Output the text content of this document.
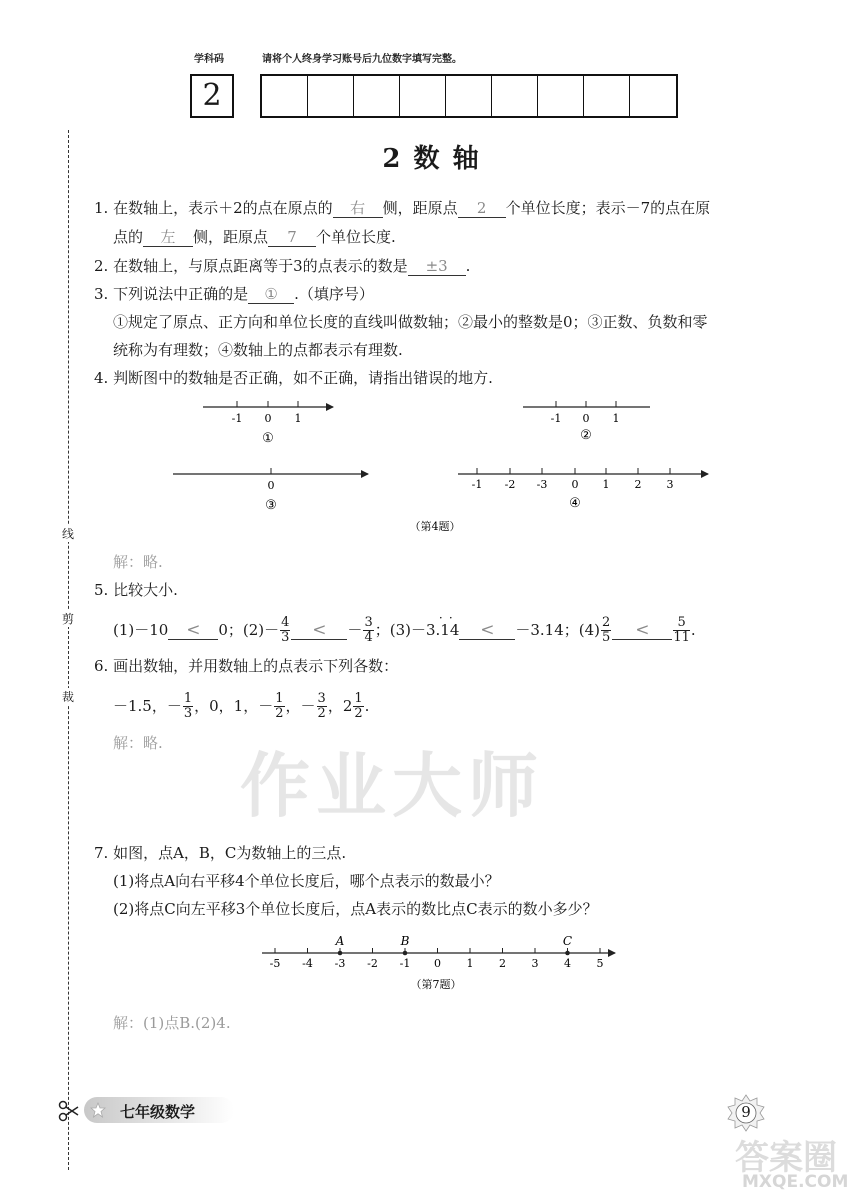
学科码	请将个人终身学习账号后九位数字填写完整。
2
线
剪
裁
2 数 轴
1. 在数轴上，表示＋2的点在原点的 右 侧，距原点 2 个单位长度；表示－7的点在原
点的 左 侧，距原点 7 个单位长度.
2. 在数轴上，与原点距离等于3的点表示的数是 ±3 .
3. 下列说法中正确的是 ① .（填序号）
①规定了原点、正方向和单位长度的直线叫做数轴；②最小的整数是0；③正数、负数和零
统称为有理数；④数轴上的点都表示有理数.
4. 判断图中的数轴是否正确，如不正确，请指出错误的地方.
-1 0 1
①
-1 0 1
②
0
③
-1 -2 -3 0 1 2 3
④
（第4题）
解：略.
5. 比较大小.
(1)－10	<	0；$(2)- \frac{4}{3}$	<	－ $\frac{3}{4}$ ；(3)－3.1
· ·
4	<	－3.14；$(4) \frac{2}{5}$	<	$\frac{5}{11}$ .
6. 画出数轴，并用数轴上的点表示下列各数：
－1.5，－ $\frac{1}{3}$ ，0，1，－ $\frac{1}{2}$ ，－ $\frac{3}{2}$ ，$2 \frac{1}{2}$ .
解：略.
作业大师
7. 如图，点A，B，C为数轴上的三点.
(1)将点A向右平移4个单位长度后，哪个点表示的数最小？
(2)将点C向左平移3个单位长度后，点A表示的数比点C表示的数小多少？
-5 -4 -3 -2 -1 0 1 2 3 4 5
A	B	C
（第7题）
解：(1)点B.(2)4.
七年级数学	9
答案圈
MXQE.COM
